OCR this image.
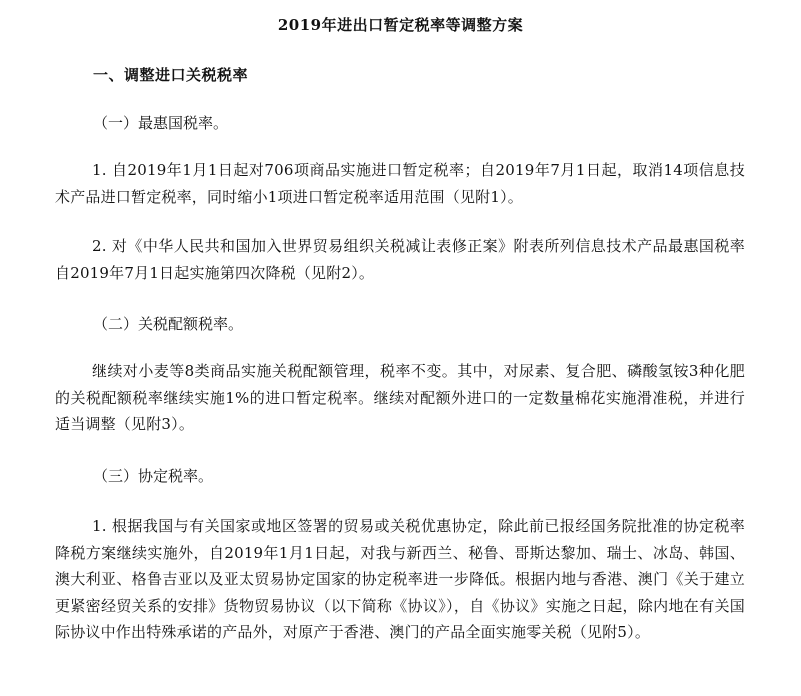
2019年进出口暂定税率等调整方案
一、调整进口关税税率
（一）最惠国税率。
1. 自2019年1月1日起对706项商品实施进口暂定税率；自2019年7月1日起，取消14项信息技术产品进口暂定税率，同时缩小1项进口暂定税率适用范围（见附1）。
2. 对《中华人民共和国加入世界贸易组织关税减让表修正案》附表所列信息技术产品最惠国税率自2019年7月1日起实施第四次降税（见附2）。
（二）关税配额税率。
继续对小麦等8类商品实施关税配额管理，税率不变。其中，对尿素、复合肥、磷酸氢铵3种化肥的关税配额税率继续实施1%的进口暂定税率。继续对配额外进口的一定数量棉花实施滑准税，并进行适当调整（见附3）。
（三）协定税率。
1. 根据我国与有关国家或地区签署的贸易或关税优惠协定，除此前已报经国务院批准的协定税率降税方案继续实施外，自2019年1月1日起，对我与新西兰、秘鲁、哥斯达黎加、瑞士、冰岛、韩国、澳大利亚、格鲁吉亚以及亚太贸易协定国家的协定税率进一步降低。根据内地与香港、澳门《关于建立更紧密经贸关系的安排》货物贸易协议（以下简称《协议》），自《协议》实施之日起，除内地在有关国际协议中作出特殊承诺的产品外，对原产于香港、澳门的产品全面实施零关税（见附5）。
